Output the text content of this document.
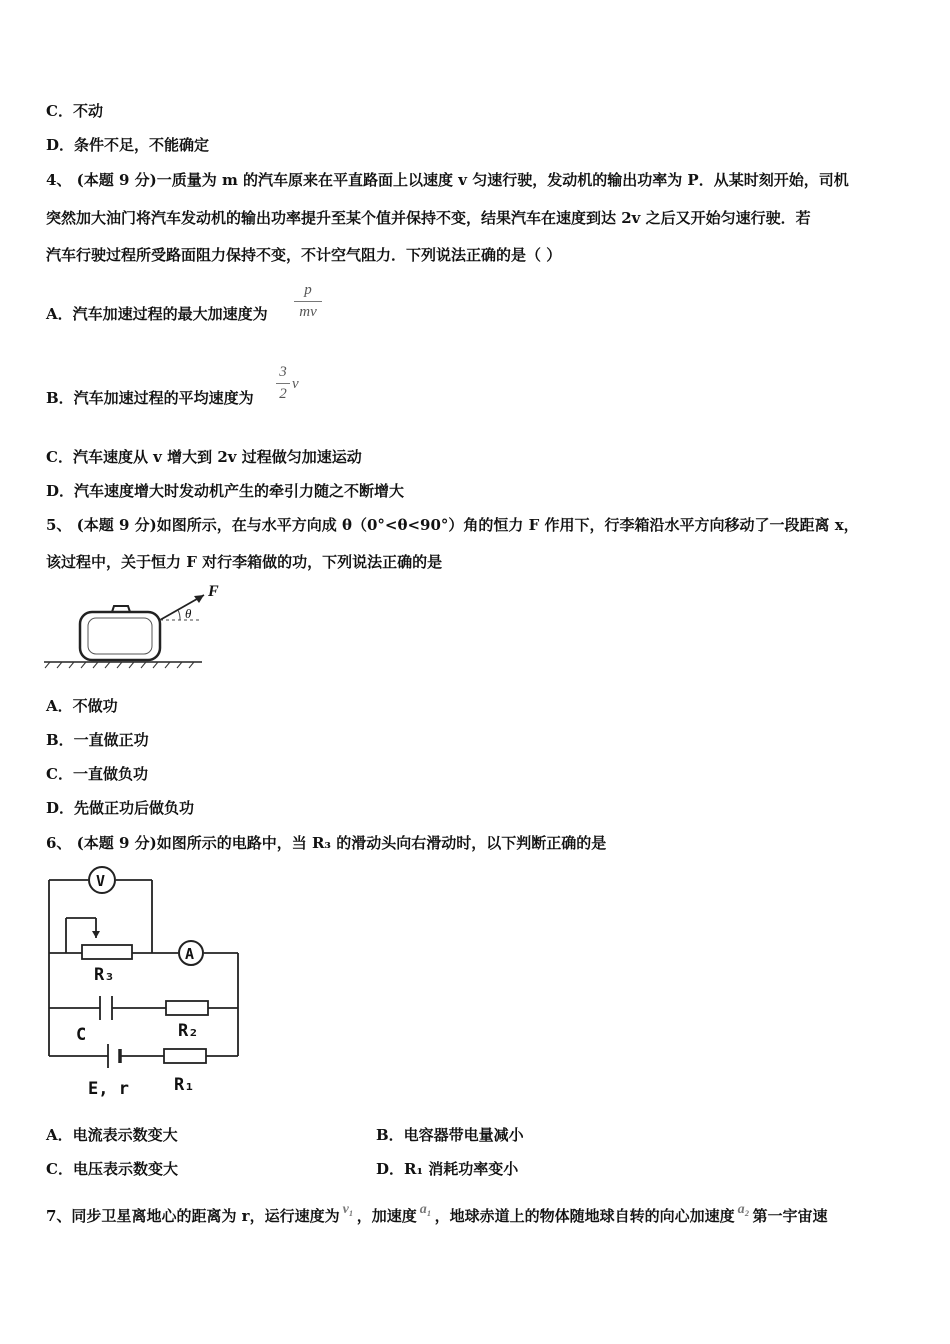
C．不动
D．条件不足，不能确定
4、 (本题 9 分)一质量为 m 的汽车原来在平直路面上以速度 v 匀速行驶，发动机的输出功率为 P．从某时刻开始，司机
突然加大油门将汽车发动机的输出功率提升至某个值并保持不变，结果汽车在速度到达 2v 之后又开始匀速行驶．若
汽车行驶过程所受路面阻力保持不变，不计空气阻力．下列说法正确的是（ ）
A．汽车加速过程的最大加速度为
p
mv
B．汽车加速过程的平均速度为
3
2
v
C．汽车速度从 v 增大到 2v 过程做匀加速运动
D．汽车速度增大时发动机产生的牵引力随之不断增大
5、 (本题 9 分)如图所示，在与水平方向成 θ（0°<θ<90°）角的恒力 F 作用下，行李箱沿水平方向移动了一段距离 x，
该过程中，关于恒力 F 对行李箱做的功，下列说法正确的是
F
θ
A．不做功
B．一直做正功
C．一直做负功
D．先做正功后做负功
6、 (本题 9 分)如图所示的电路中，当 R₃ 的滑动头向右滑动时，以下判断正确的是
V
A
R₃
C	R₂
E, r	R₁
A．电流表示数变大	B．电容器带电量减小
C．电压表示数变大	D．R₁ 消耗功率变小
7、同步卫星离地心的距离为 r，运行速度为 v₁ ，加速度 a₁ ，地球赤道上的物体随地球自转的向心加速度 a₂ 第一宇宙速
